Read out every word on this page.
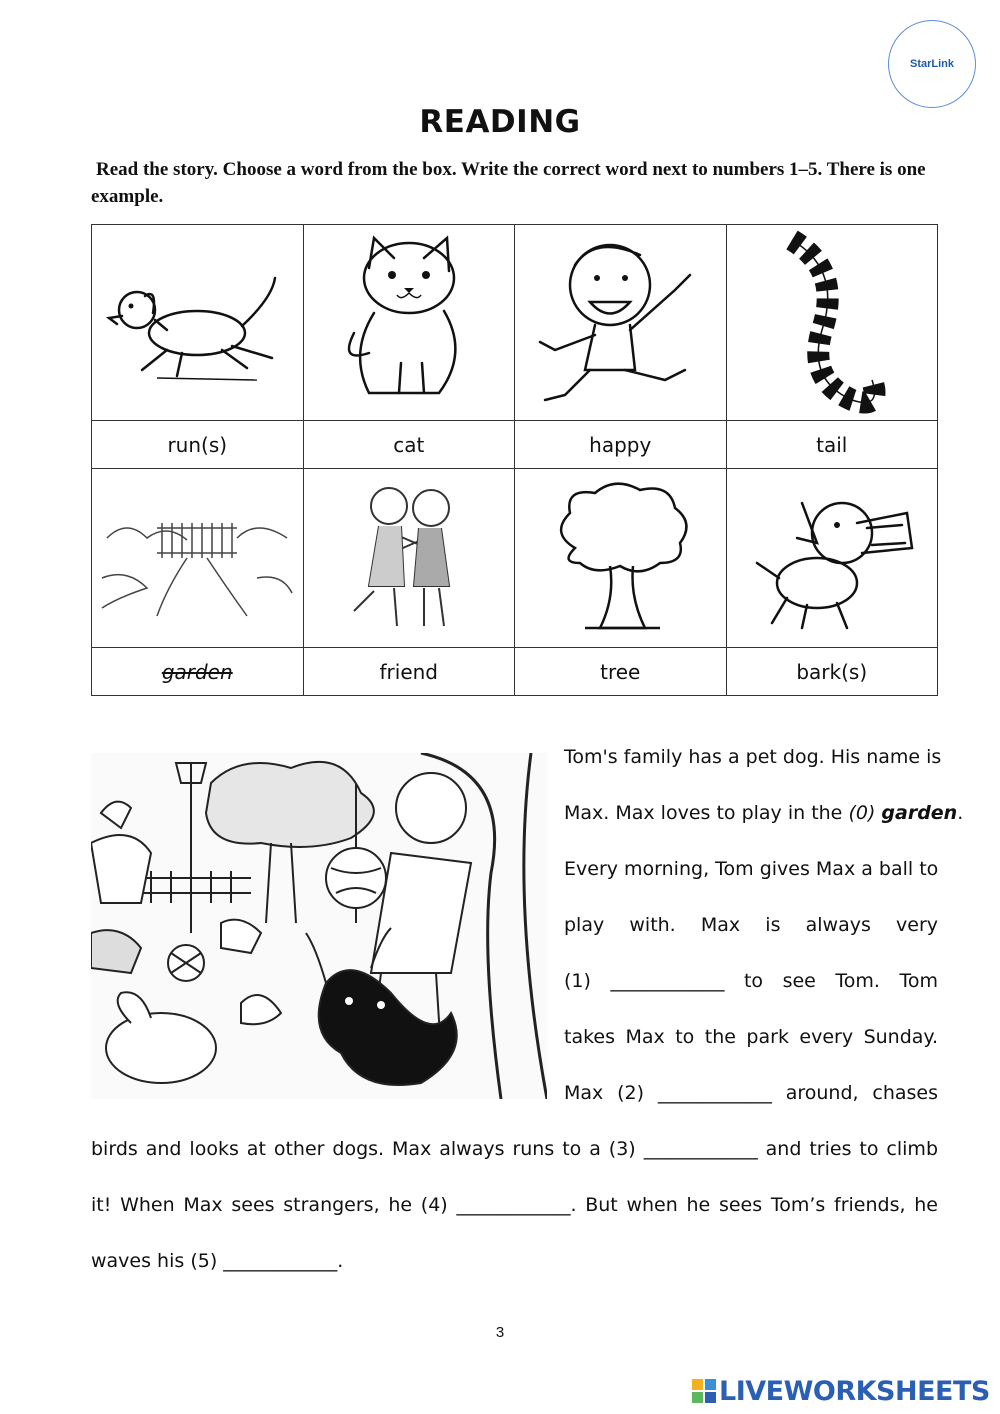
StarLink
READING
Read the story. Choose a word from the box. Write the correct word next to numbers 1–5. There is one example.

run(s)	cat	happy	tail

garden	friend	tree	bark(s)
Tom's family has a pet dog. His name is
Max. Max loves to play in the (0) garden.
Every morning, Tom gives Max a ball to
play with. Max is always very
(1) ____________ to see Tom. Tom
takes Max to the park every Sunday.
Max (2) ____________ around, chases
birds and looks at other dogs. Max always runs to a (3) ____________ and tries to climb
it! When Max sees strangers, he (4) ____________. But when he sees Tom’s friends, he
waves his (5) ____________.
3
LIVEWORKSHEETS
